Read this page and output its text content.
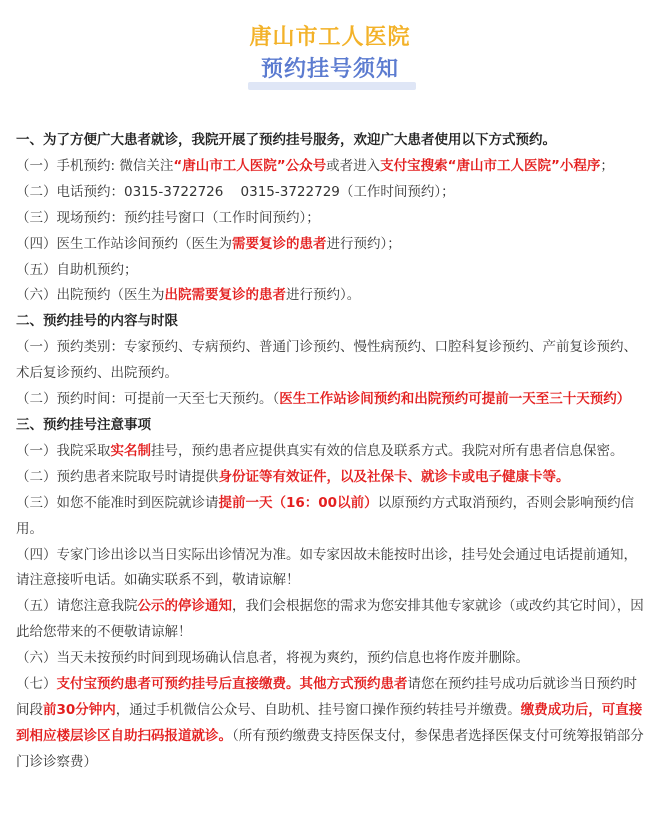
唐山市工人医院
预约挂号须知

一、为了方便广大患者就诊，我院开展了预约挂号服务，欢迎广大患者使用以下方式预约。

（一）手机预约: 微信关注“唐山市工人医院”公众号或者进入支付宝搜索“唐山市工人医院”小程序；

（二）电话预约：0315-3722726    0315-3722729（工作时间预约）；

（三）现场预约：预约挂号窗口（工作时间预约）；

（四）医生工作站诊间预约（医生为需要复诊的患者进行预约）；

（五）自助机预约；

（六）出院预约（医生为出院需要复诊的患者进行预约）。

二、预约挂号的内容与时限

（一）预约类别：专家预约、专病预约、普通门诊预约、慢性病预约、口腔科复诊预约、产前复诊预约、术后复诊预约、出院预约。

（二）预约时间：可提前一天至七天预约。（医生工作站诊间预约和出院预约可提前一天至三十天预约）

三、预约挂号注意事项

（一）我院采取实名制挂号，预约患者应提供真实有效的信息及联系方式。我院对所有患者信息保密。

（二）预约患者来院取号时请提供身份证等有效证件，以及社保卡、就诊卡或电子健康卡等。

（三）如您不能准时到医院就诊请提前一天（16：00以前）以原预约方式取消预约，否则会影响预约信用。

（四）专家门诊出诊以当日实际出诊情况为准。如专家因故未能按时出诊，挂号处会通过电话提前通知，请注意接听电话。如确实联系不到，敬请谅解！

（五）请您注意我院公示的停诊通知，我们会根据您的需求为您安排其他专家就诊（或改约其它时间），因此给您带来的不便敬请谅解！

（六）当天未按预约时间到现场确认信息者，将视为爽约，预约信息也将作废并删除。

（七）支付宝预约患者可预约挂号后直接缴费。其他方式预约患者请您在预约挂号成功后就诊当日预约时间段前30分钟内，通过手机微信公众号、自助机、挂号窗口操作预约转挂号并缴费。缴费成功后，可直接到相应楼层诊区自助扫码报道就诊。（所有预约缴费支持医保支付，参保患者选择医保支付可统筹报销部分门诊诊察费）
